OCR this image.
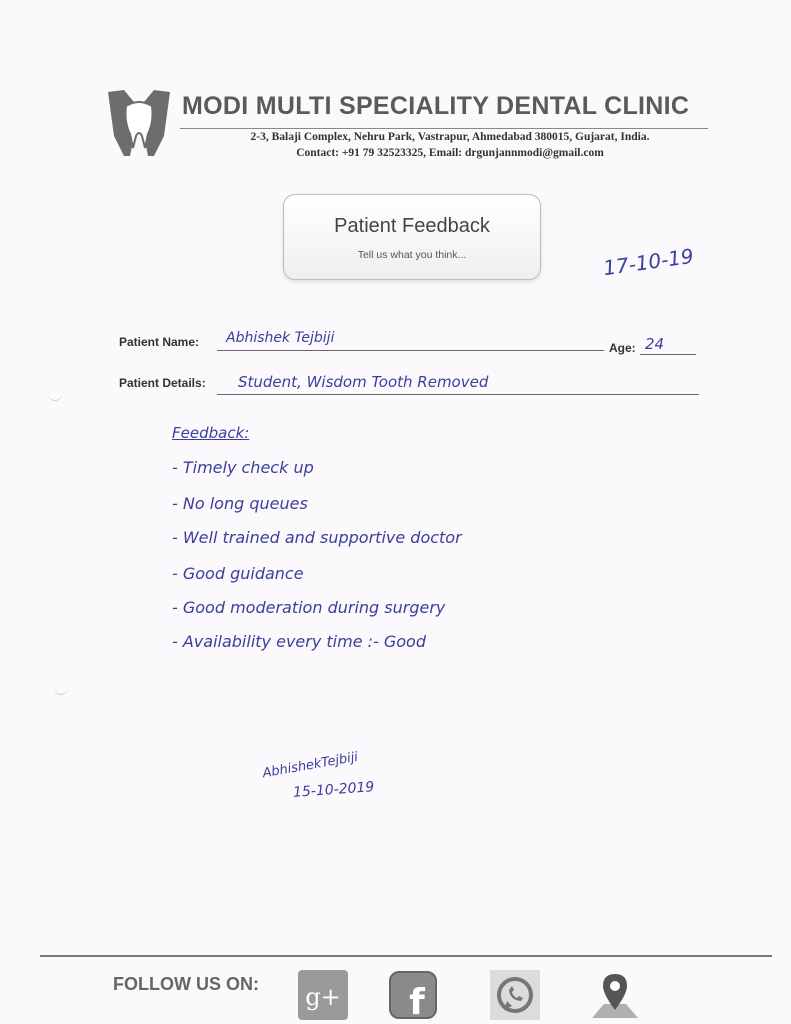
MODI MULTI SPECIALITY DENTAL CLINIC
2-3, Balaji Complex, Nehru Park, Vastrapur, Ahmedabad 380015, Gujarat, India.
Contact: +91 79 32523325, Email: drgunjannmodi@gmail.com
Patient Feedback
Tell us what you think...	17-10-19
Patient Name: Abhishek Tejbiji
Age: 24
Patient Details: Student, Wisdom Tooth Removed
Feedback:
- Timely check up
- No long queues
- Well trained and supportive doctor
- Good guidance
- Good moderation during surgery
- Availability every time :- Good
AbhishekTejbiji
15-10-2019
FOLLOW US ON: g+ f
